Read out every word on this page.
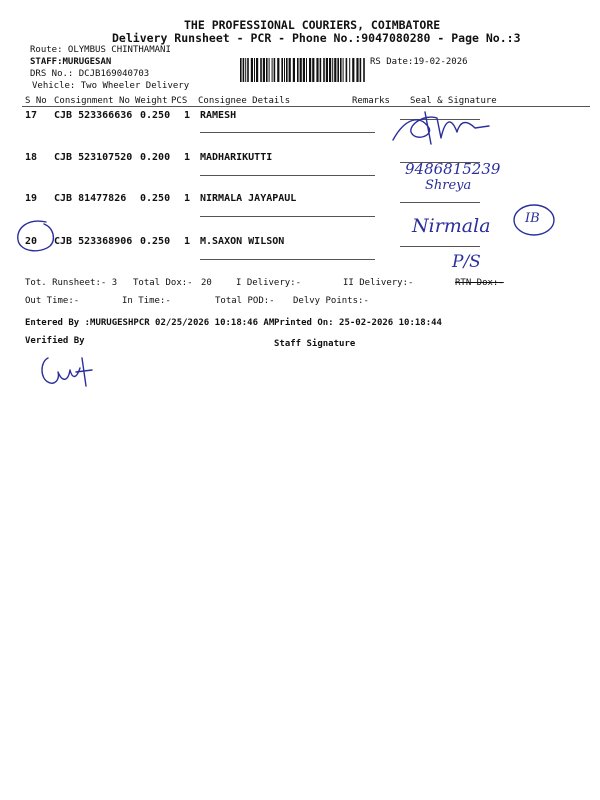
THE PROFESSIONAL COURIERS, COIMBATORE
Delivery Runsheet - PCR - Phone No.:9047080280 - Page No.:3
Route: OLYMBUS CHINTHAMANI
STAFF:MURUGESAN
DRS No.: DCJB169040703
Vehicle: Two Wheeler Delivery
RS Date:19-02-2026
S No Consignment No Weight PCS Consignee Details	Remarks Seal & Signature
17 CJB 523366636 0.250 1 RAMESH
18 CJB 523107520 0.200 1 MADHARIKUTTI
19 CJB 81477826 0.250 1 NIRMALA JAYAPAUL
20 CJB 523368906 0.250 1 M.SAXON WILSON
Tot. Runsheet:- 3 Total Dox:- 20	I Delivery:-	II Delivery:-	RTN Dox:-
Out Time:-	In Time:-	Total POD:- Delvy Points:-
Entered By :MURUGESHPCR 02/25/2026 10:18:46 AM Printed On: 25-02-2026 10:18:44
Verified By	Staff Signature
9486815239
Shreya
Nirmala	IB
P/S
